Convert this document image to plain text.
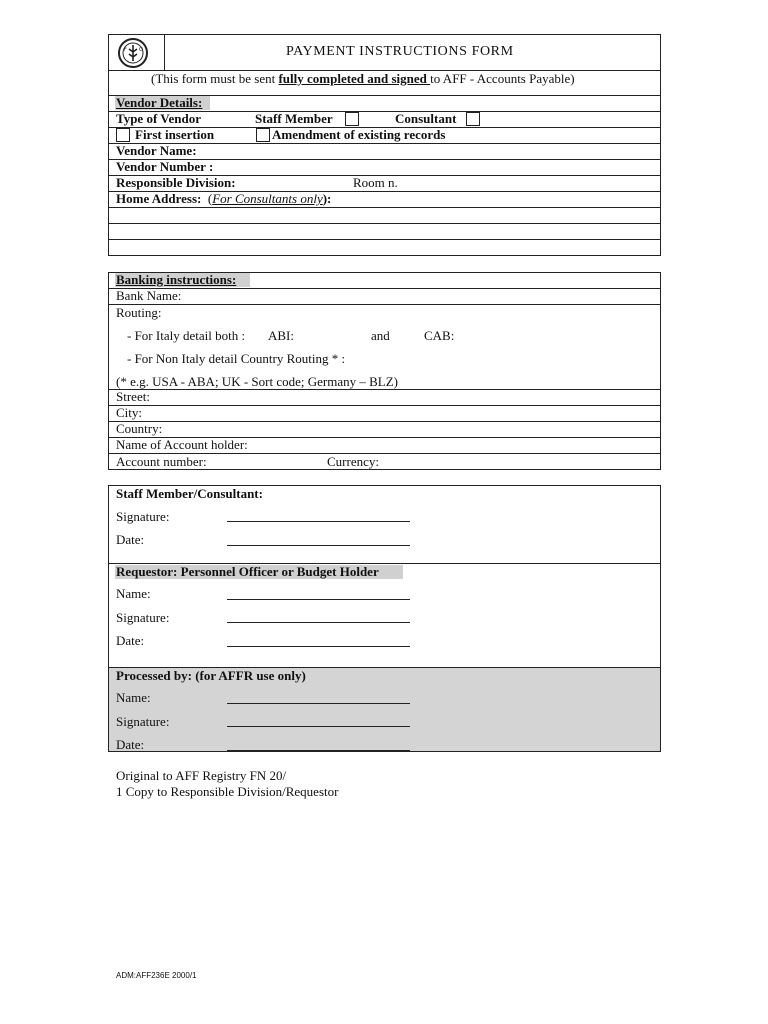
F O	PAYMENT INSTRUCTIONS FORM
(This form must be sent fully completed and signed to AFF - Accounts Payable)
Vendor Details:
Type of Vendor	Staff Member	Consultant
First insertion	Amendment of existing records
Vendor Name:
Vendor Number :
Responsible Division:	Room n.
Home Address:  (For Consultants only):
Banking instructions:
Bank Name:
Routing:
- For Italy detail both : ABI:	and	CAB:
- For Non Italy detail Country Routing * :
(* e.g. USA - ABA; UK - Sort code; Germany – BLZ)
Street:
City:
Country:
Name of Account holder:
Account number:	Currency:
Staff Member/Consultant:
Signature:
Date:
Requestor: Personnel Officer or Budget Holder
Name:
Signature:
Date:
Processed by: (for AFFR use only)
Name:
Signature:
Date:
Original to AFF Registry FN 20/
1 Copy to Responsible Division/Requestor
ADM:AFF236E 2000/1
